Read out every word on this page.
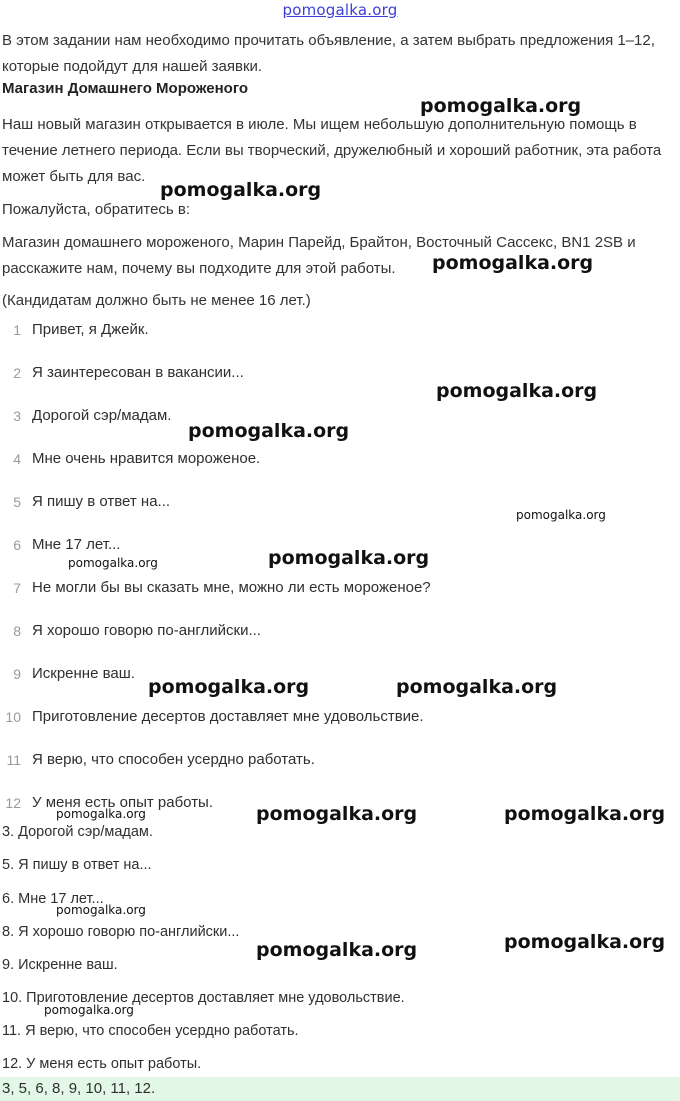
pomogalka.org
В этом задании нам необходимо прочитать объявление, а затем выбрать предложения 1–12, которые подойдут для нашей заявки.
Магазин Домашнего Мороженого
Наш новый магазин открывается в июле. Мы ищем небольшую дополнительную помощь в течение летнего периода. Если вы творческий, дружелюбный и хороший работник, эта работа может быть для вас.
Пожалуйста, обратитесь в:
Магазин домашнего мороженого, Марин Парейд, Брайтон, Восточный Сассекс, BN1 2SB и расскажите нам, почему вы подходите для этой работы.
(Кандидатам должно быть не менее 16 лет.)
1 Привет, я Джейк.
2 Я заинтересован в вакансии...
3 Дорогой сэр/мадам.
4 Мне очень нравится мороженое.
5 Я пишу в ответ на...
6 Мне 17 лет...
7 Не могли бы вы сказать мне, можно ли есть мороженое?
8 Я хорошо говорю по-английски...
9 Искренне ваш.
10 Приготовление десертов доставляет мне удовольствие.
11 Я верю, что способен усердно работать.
12 У меня есть опыт работы.
3. Дорогой сэр/мадам.
5. Я пишу в ответ на...
6. Мне 17 лет...
8. Я хорошо говорю по-английски...
9. Искренне ваш.
10. Приготовление десертов доставляет мне удовольствие.
11. Я верю, что способен усердно работать.
12. У меня есть опыт работы.
3, 5, 6, 8, 9, 10, 11, 12.
pomogalka.org
pomogalka.org
pomogalka.org
pomogalka.org
pomogalka.org
pomogalka.org
pomogalka.org
pomogalka.org
pomogalka.org	pomogalka.org
pomogalka.org	pomogalka.org
pomogalka.org
pomogalka.org
pomogalka.org
pomogalka.org
pomogalka.org
